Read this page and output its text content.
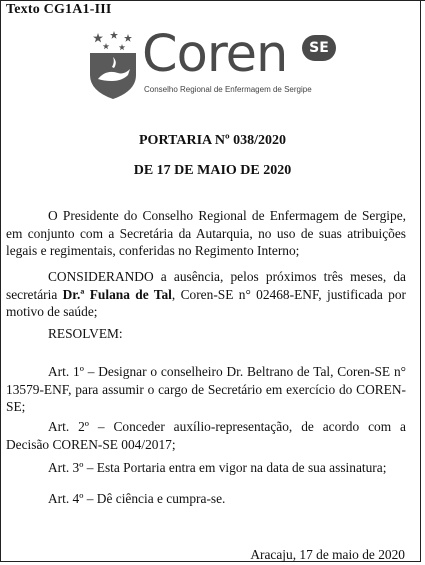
Texto CG1A1-III
Coren	SE
Conselho Regional de Enfermagem de Sergipe
PORTARIA Nº 038/2020
DE 17 DE MAIO DE 2020
O Presidente do Conselho Regional de Enfermagem de Sergipe, em conjunto com a Secretária da Autarquia, no uso de suas atribuições legais e regimentais, conferidas no Regimento Interno;
CONSIDERANDO a ausência, pelos próximos três meses, da secretária Dr.ª Fulana de Tal, Coren-SE n° 02468-ENF, justificada por motivo de saúde;
RESOLVEM:
Art. 1º – Designar o conselheiro Dr. Beltrano de Tal, Coren-SE n° 13579-ENF, para assumir o cargo de Secretário em exercício do COREN-SE;
Art. 2º – Conceder auxílio-representação, de acordo com a Decisão COREN-SE 004/2017;
Art. 3º – Esta Portaria entra em vigor na data de sua assinatura;
Art. 4º – Dê ciência e cumpra-se.
Aracaju, 17 de maio de 2020
